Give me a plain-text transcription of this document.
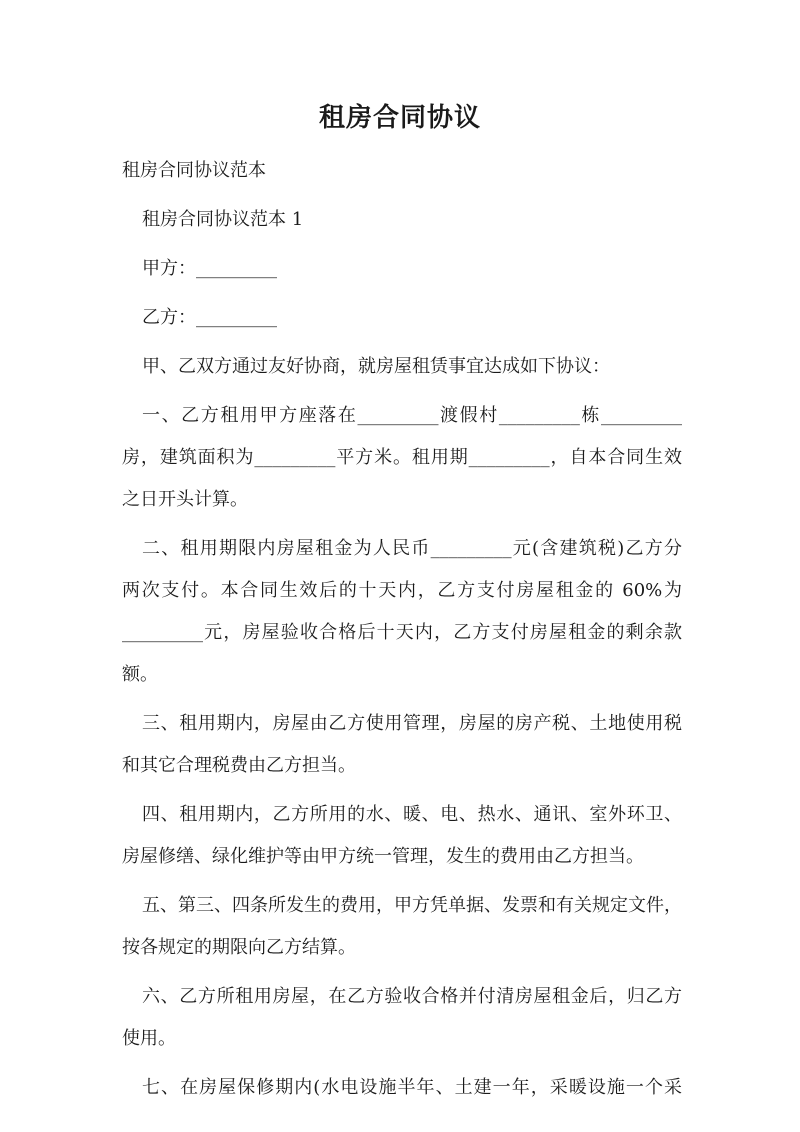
租房合同协议
租房合同协议范本
租房合同协议范本 1
甲方：_________
乙方：_________
甲、乙双方通过友好协商，就房屋租赁事宜达成如下协议：
一、乙方租用甲方座落在_________渡假村_________栋_________
房，建筑面积为_________平方米。租用期_________，自本合同生效
之日开头计算。
二、租用期限内房屋租金为人民币_________元(含建筑税)乙方分
两次支付。本合同生效后的十天内，乙方支付房屋租金的 60%为
_________元，房屋验收合格后十天内，乙方支付房屋租金的剩余款
额。
三、租用期内，房屋由乙方使用管理，房屋的房产税、土地使用税
和其它合理税费由乙方担当。
四、租用期内，乙方所用的水、暖、电、热水、通讯、室外环卫、
房屋修缮、绿化维护等由甲方统一管理，发生的费用由乙方担当。
五、第三、四条所发生的费用，甲方凭单据、发票和有关规定文件，
按各规定的期限向乙方结算。
六、乙方所租用房屋，在乙方验收合格并付清房屋租金后，归乙方
使用。
七、在房屋保修期内(水电设施半年、土建一年，采暖设施一个采
